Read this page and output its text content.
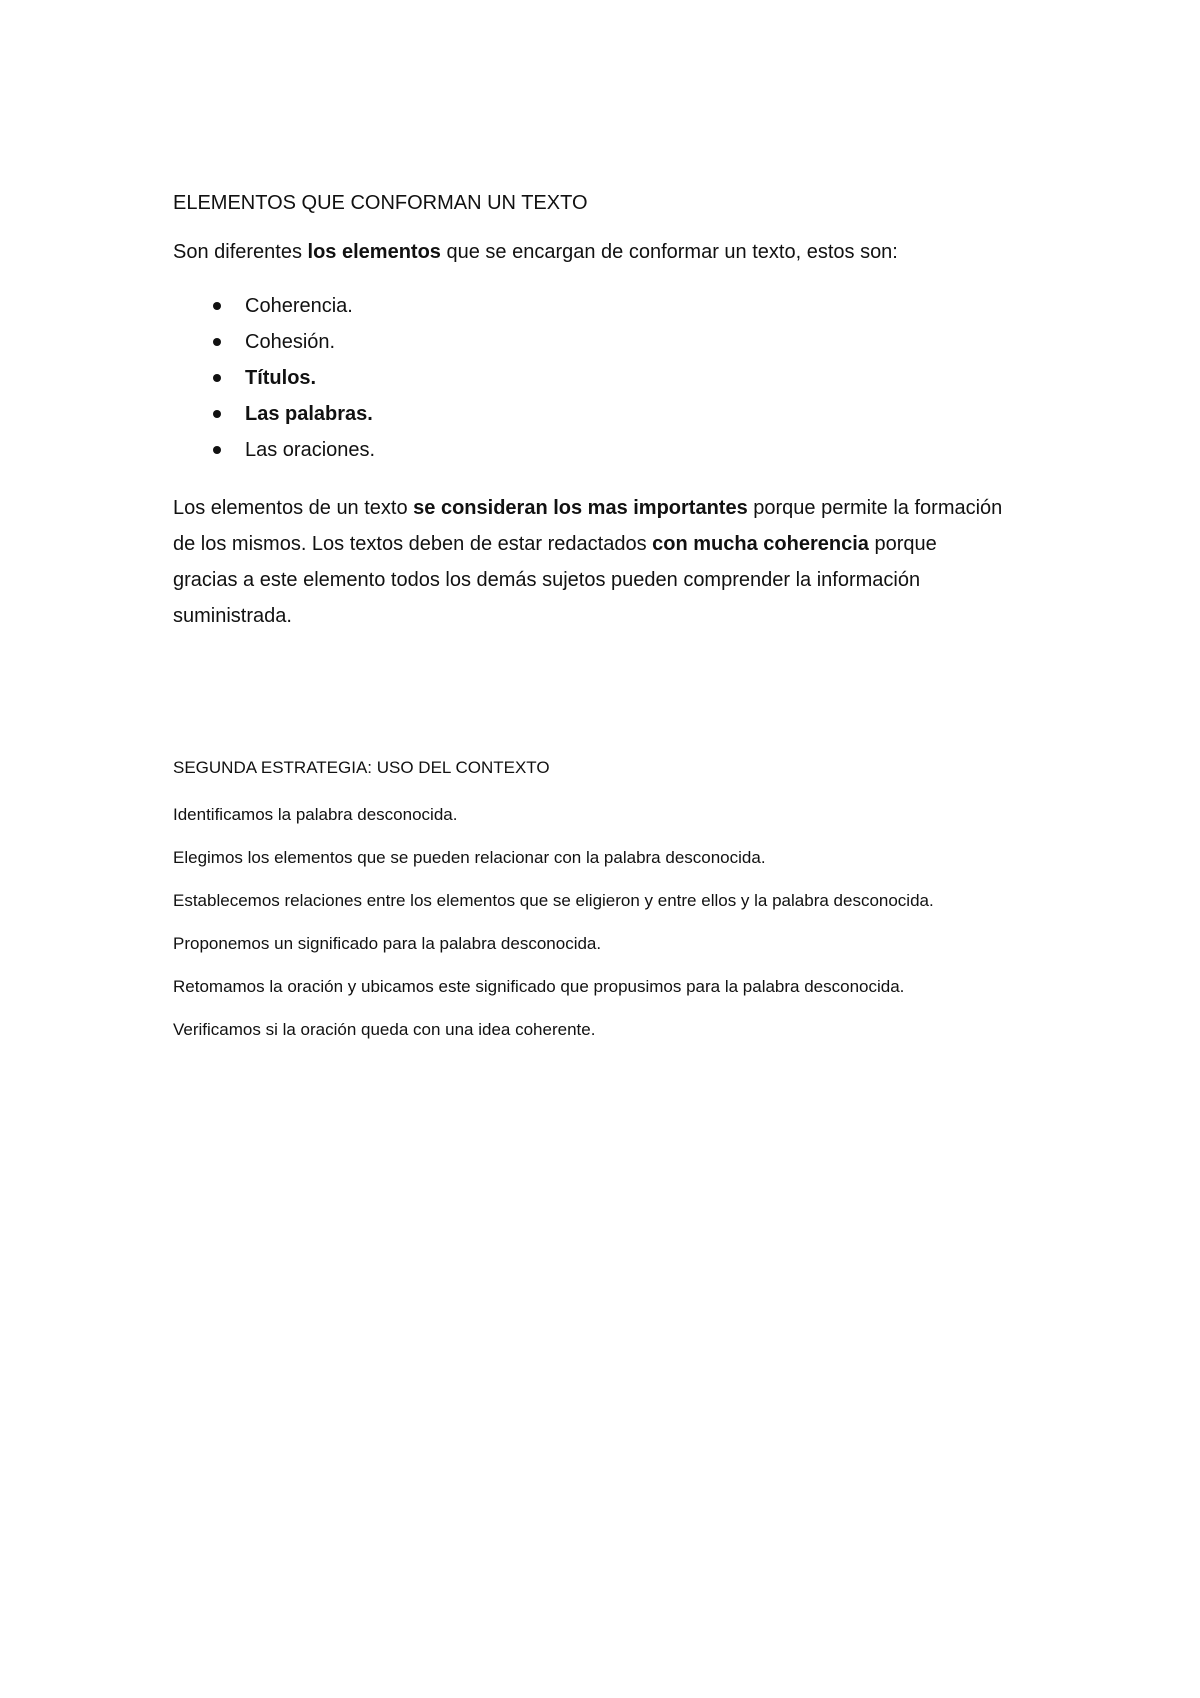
ELEMENTOS QUE CONFORMAN UN TEXTO

Son diferentes los elementos que se encargan de conformar un texto, estos son:

Coherencia.
Cohesión.
Títulos.
Las palabras.
Las oraciones.

Los elementos de un texto se consideran los mas importantes porque permite la formación de los mismos. Los textos deben de estar redactados con mucha coherencia porque gracias a este elemento todos los demás sujetos pueden comprender la información suministrada.

SEGUNDA ESTRATEGIA: USO DEL CONTEXTO

Identificamos la palabra desconocida.

Elegimos los elementos que se pueden relacionar con la palabra desconocida.

Establecemos relaciones entre los elementos que se eligieron y entre ellos y la palabra desconocida.

Proponemos un significado para la palabra desconocida.

Retomamos la oración y ubicamos este significado que propusimos para la palabra desconocida.

Verificamos si la oración queda con una idea coherente.
